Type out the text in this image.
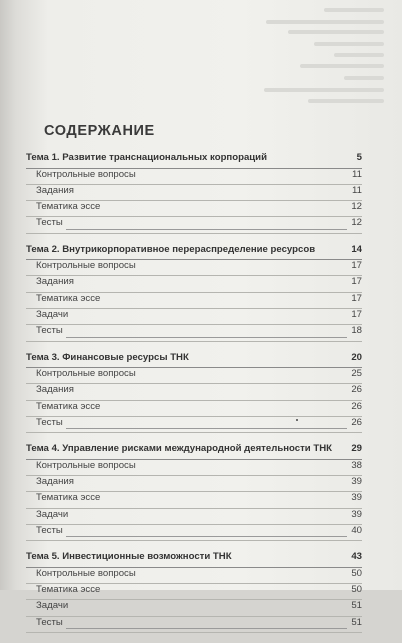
СОДЕРЖАНИЕ
Тема 1. Развитие транснациональных корпораций	5
Контрольные вопросы	11
Задания	11
Тематика эссе	12
Тесты	12
Тема 2. Внутрикорпоративное перераспределение ресурсов	14
Контрольные вопросы	17
Задания	17
Тематика эссе	17
Задачи	17
Тесты	18
Тема 3. Финансовые ресурсы ТНК	20
Контрольные вопросы	25
Задания	26
Тематика эссе	26
Тесты	26
Тема 4. Управление рисками международной деятельности ТНК 29
Контрольные вопросы	38
Задания	39
Тематика эссе	39
Задачи	39
Тесты	40
Тема 5. Инвестиционные возможности ТНК	43
Контрольные вопросы	50
Тематика эссе	50
Задачи	51
Тесты	51
